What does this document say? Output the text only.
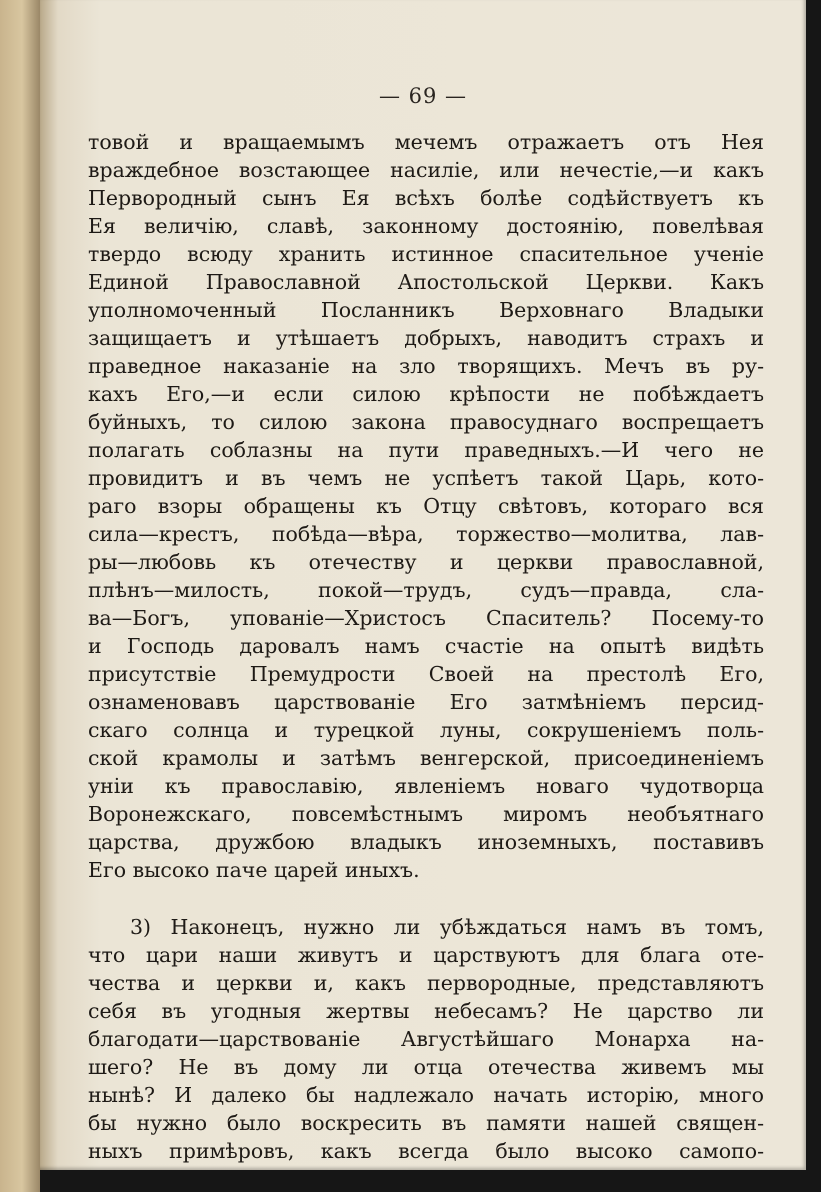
— 69 —
товой и вращаемымъ мечемъ отражаетъ отъ Нея
враждебное возстающее насиліе, или нечестіе,—и какъ
Первородный сынъ Ея всѣхъ болѣе содѣйствуетъ къ
Ея величію, славѣ, законному достоянію, повелѣвая
твердо всюду хранить истинное спасительное ученіе
Единой Православной Апостольской Церкви. Какъ
уполномоченный Посланникъ Верховнаго Владыки
защищаетъ и утѣшаетъ добрыхъ, наводитъ страхъ и
праведное наказаніе на зло творящихъ. Мечъ въ ру-
кахъ Его,—и если силою крѣпости не побѣждаетъ
буйныхъ, то силою закона правосуднаго воспрещаетъ
полагать соблазны на пути праведныхъ.—И чего не
провидитъ и въ чемъ не успѣетъ такой Царь, кото-
раго взоры обращены къ Отцу свѣтовъ, котораго вся
сила—крестъ, побѣда—вѣра, торжество—молитва, лав-
ры—любовь къ отечеству и церкви православной,
плѣнъ—милость, покой—трудъ, судъ—правда, сла-
ва—Богъ, упованіе—Христосъ Спаситель? Посему-то
и Господь даровалъ намъ счастіе на опытѣ видѣть
присутствіе Премудрости Своей на престолѣ Его,
ознаменовавъ царствованіе Его затмѣніемъ персид-
скаго солнца и турецкой луны, сокрушеніемъ поль-
ской крамолы и затѣмъ венгерской, присоединеніемъ
уніи къ православію, явленіемъ новаго чудотворца
Воронежскаго, повсемѣстнымъ миромъ необъятнаго
царства, дружбою владыкъ иноземныхъ, поставивъ
Его высоко паче царей иныхъ.
3) Наконецъ, нужно ли убѣждаться намъ въ томъ,
что цари наши живутъ и царствуютъ для блага оте-
чества и церкви и, какъ первородные, представляютъ
себя въ угодныя жертвы небесамъ? Не царство ли
благодати—царствованіе Августѣйшаго Монарха на-
шего? Не въ дому ли отца отечества живемъ мы
нынѣ? И далеко бы надлежало начать исторію, много
бы нужно было воскресить въ памяти нашей священ-
ныхъ примѣровъ, какъ всегда было высоко самопо-
